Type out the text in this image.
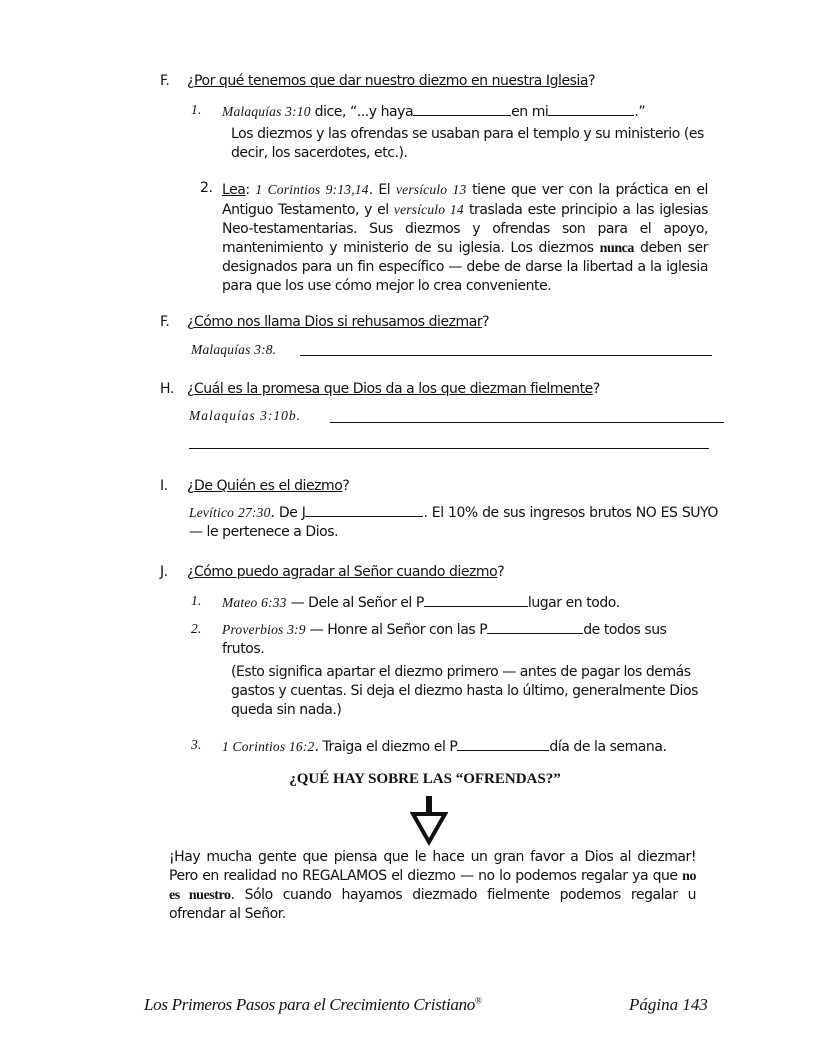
F. ¿Por qué tenemos que dar nuestro diezmo en nuestra Iglesia?
1. Malaquías 3:10 dice, “...y haya	en mi	.”
Los diezmos y las ofrendas se usaban para el templo y su ministerio (es decir, los sacerdotes, etc.).
2. Lea: 1 Corintios 9:13,14. El versículo 13 tiene que ver con la práctica en el Antiguo Testamento, y el versículo 14 traslada este principio a las iglesias Neo-testamentarias. Sus diezmos y ofrendas son para el apoyo, mantenimiento y ministerio de su iglesia. Los diezmos nunca deben ser designados para un fin específico — debe de darse la libertad a la iglesia para que los use cómo mejor lo crea conveniente.
F. ¿Cómo nos llama Dios si rehusamos diezmar?
Malaquías 3:8.
H. ¿Cuál es la promesa que Dios da a los que diezman fielmente?
Malaquías 3:10b.
I. ¿De Quién es el diezmo?
Levítico 27:30. De J	. El 10% de sus ingresos brutos NO ES SUYO — le pertenece a Dios.
J. ¿Cómo puedo agradar al Señor cuando diezmo?
1. Mateo 6:33 — Dele al Señor el P	lugar en todo.
2. Proverbios 3:9 — Honre al Señor con las P	de todos sus frutos.
(Esto significa apartar el diezmo primero — antes de pagar los demás gastos y cuentas. Si deja el diezmo hasta lo último, generalmente Dios queda sin nada.)
3. 1 Corintios 16:2. Traiga el diezmo el P	día de la semana.
¿QUÉ HAY SOBRE LAS “OFRENDAS?”
¡Hay mucha gente que piensa que le hace un gran favor a Dios al diezmar! Pero en realidad no REGALAMOS el diezmo — no lo podemos regalar ya que no es nuestro. Sólo cuando hayamos diezmado fielmente podemos regalar u ofrendar al Señor.
Los Primeros Pasos para el Crecimiento Cristiano®	Página 143
